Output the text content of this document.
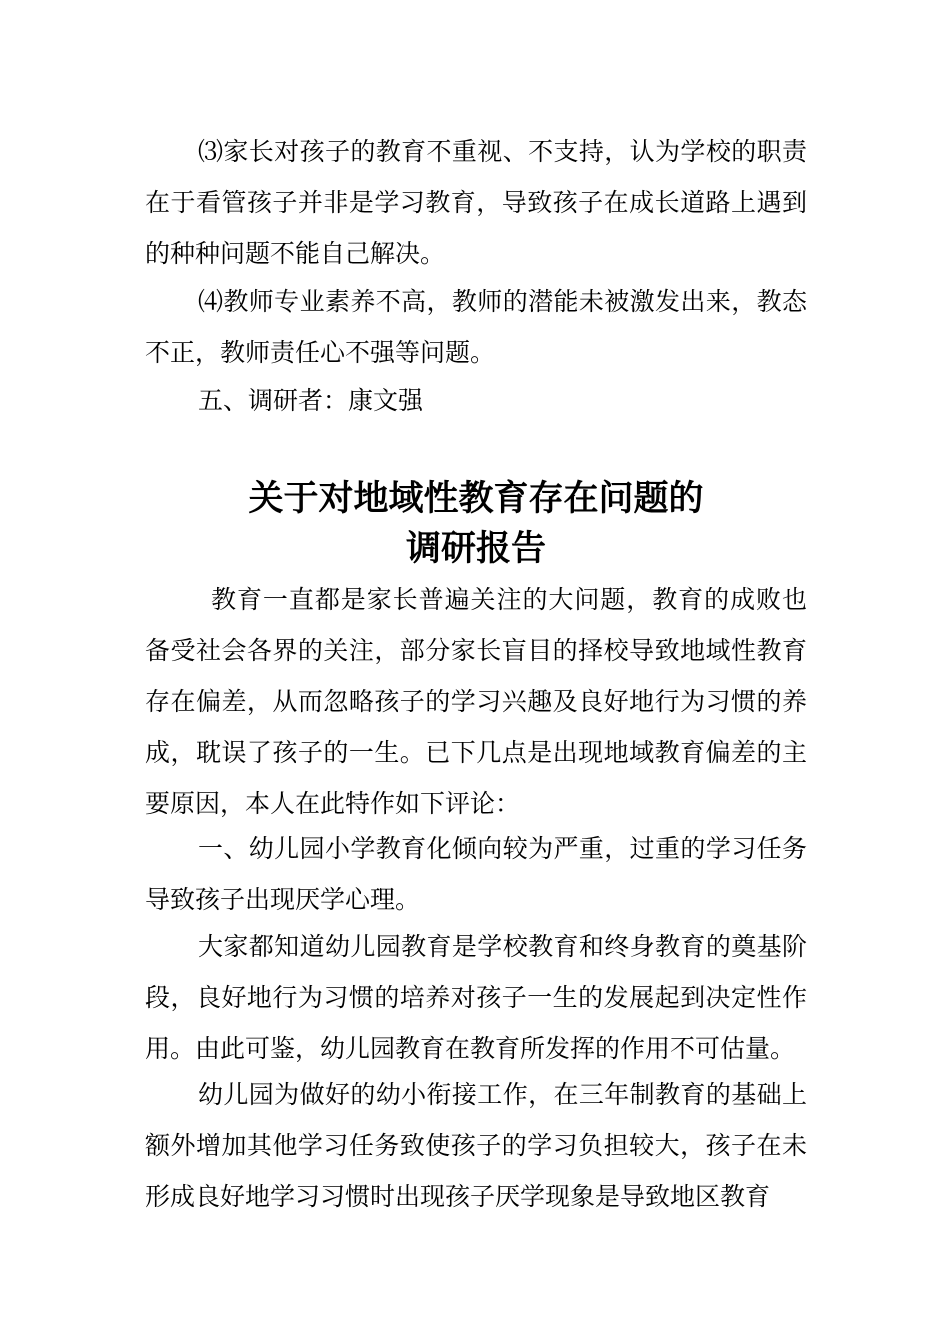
⑶家长对孩子的教育不重视、不支持，认为学校的职责在于看管孩子并非是学习教育，导致孩子在成长道路上遇到的种种问题不能自己解决。

⑷教师专业素养不高，教师的潜能未被激发出来，教态不正，教师责任心不强等问题。

五、调研者：康文强

关于对地域性教育存在问题的
调研报告

教育一直都是家长普遍关注的大问题，教育的成败也备受社会各界的关注，部分家长盲目的择校导致地域性教育存在偏差，从而忽略孩子的学习兴趣及良好地行为习惯的养成，耽误了孩子的一生。已下几点是出现地域教育偏差的主要原因，本人在此特作如下评论：

一、幼儿园小学教育化倾向较为严重，过重的学习任务导致孩子出现厌学心理。

大家都知道幼儿园教育是学校教育和终身教育的奠基阶段，良好地行为习惯的培养对孩子一生的发展起到决定性作用。由此可鉴，幼儿园教育在教育所发挥的作用不可估量。

幼儿园为做好的幼小衔接工作，在三年制教育的基础上额外增加其他学习任务致使孩子的学习负担较大，孩子在未形成良好地学习习惯时出现孩子厌学现象是导致地区教育
